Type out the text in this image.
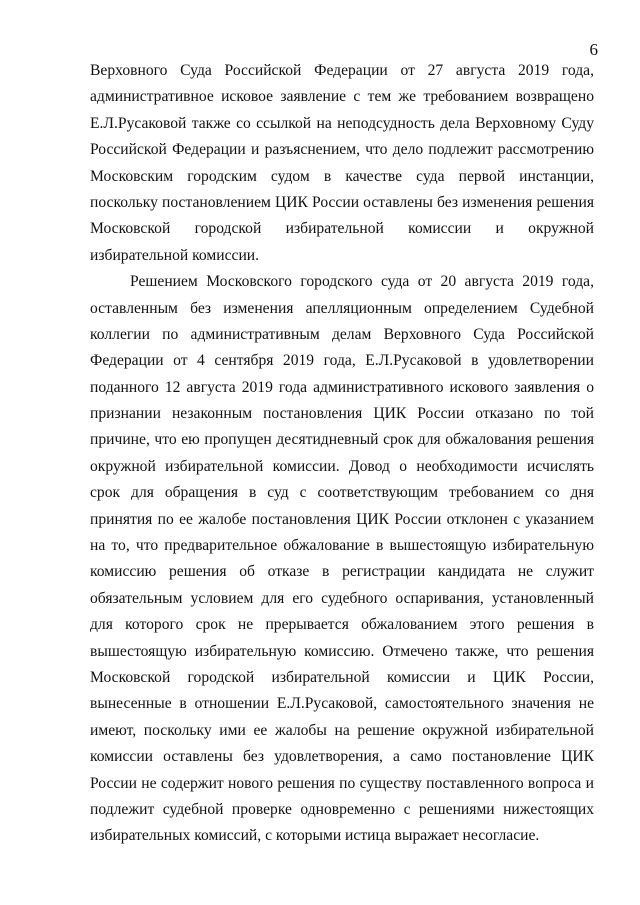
6
Верховного Суда Российской Федерации от 27 августа 2019 года,
административное исковое заявление с тем же требованием возвращено
Е.Л.Русаковой также со ссылкой на неподсудность дела Верховному Суду
Российской Федерации и разъяснением, что дело подлежит рассмотрению
Московским городским судом в качестве суда первой инстанции,
поскольку постановлением ЦИК России оставлены без изменения решения
Московской городской избирательной комиссии и окружной
избирательной комиссии.
Решением Московского городского суда от 20 августа 2019 года,
оставленным без изменения апелляционным определением Судебной
коллегии по административным делам Верховного Суда Российской
Федерации от 4 сентября 2019 года, Е.Л.Русаковой в удовлетворении
поданного 12 августа 2019 года административного искового заявления о
признании незаконным постановления ЦИК России отказано по той
причине, что ею пропущен десятидневный срок для обжалования решения
окружной избирательной комиссии. Довод о необходимости исчислять
срок для обращения в суд с соответствующим требованием со дня
принятия по ее жалобе постановления ЦИК России отклонен с указанием
на то, что предварительное обжалование в вышестоящую избирательную
комиссию решения об отказе в регистрации кандидата не служит
обязательным условием для его судебного оспаривания, установленный
для которого срок не прерывается обжалованием этого решения в
вышестоящую избирательную комиссию. Отмечено также, что решения
Московской городской избирательной комиссии и ЦИК России,
вынесенные в отношении Е.Л.Русаковой, самостоятельного значения не
имеют, поскольку ими ее жалобы на решение окружной избирательной
комиссии оставлены без удовлетворения, а само постановление ЦИК
России не содержит нового решения по существу поставленного вопроса и
подлежит судебной проверке одновременно с решениями нижестоящих
избирательных комиссий, с которыми истица выражает несогласие.
